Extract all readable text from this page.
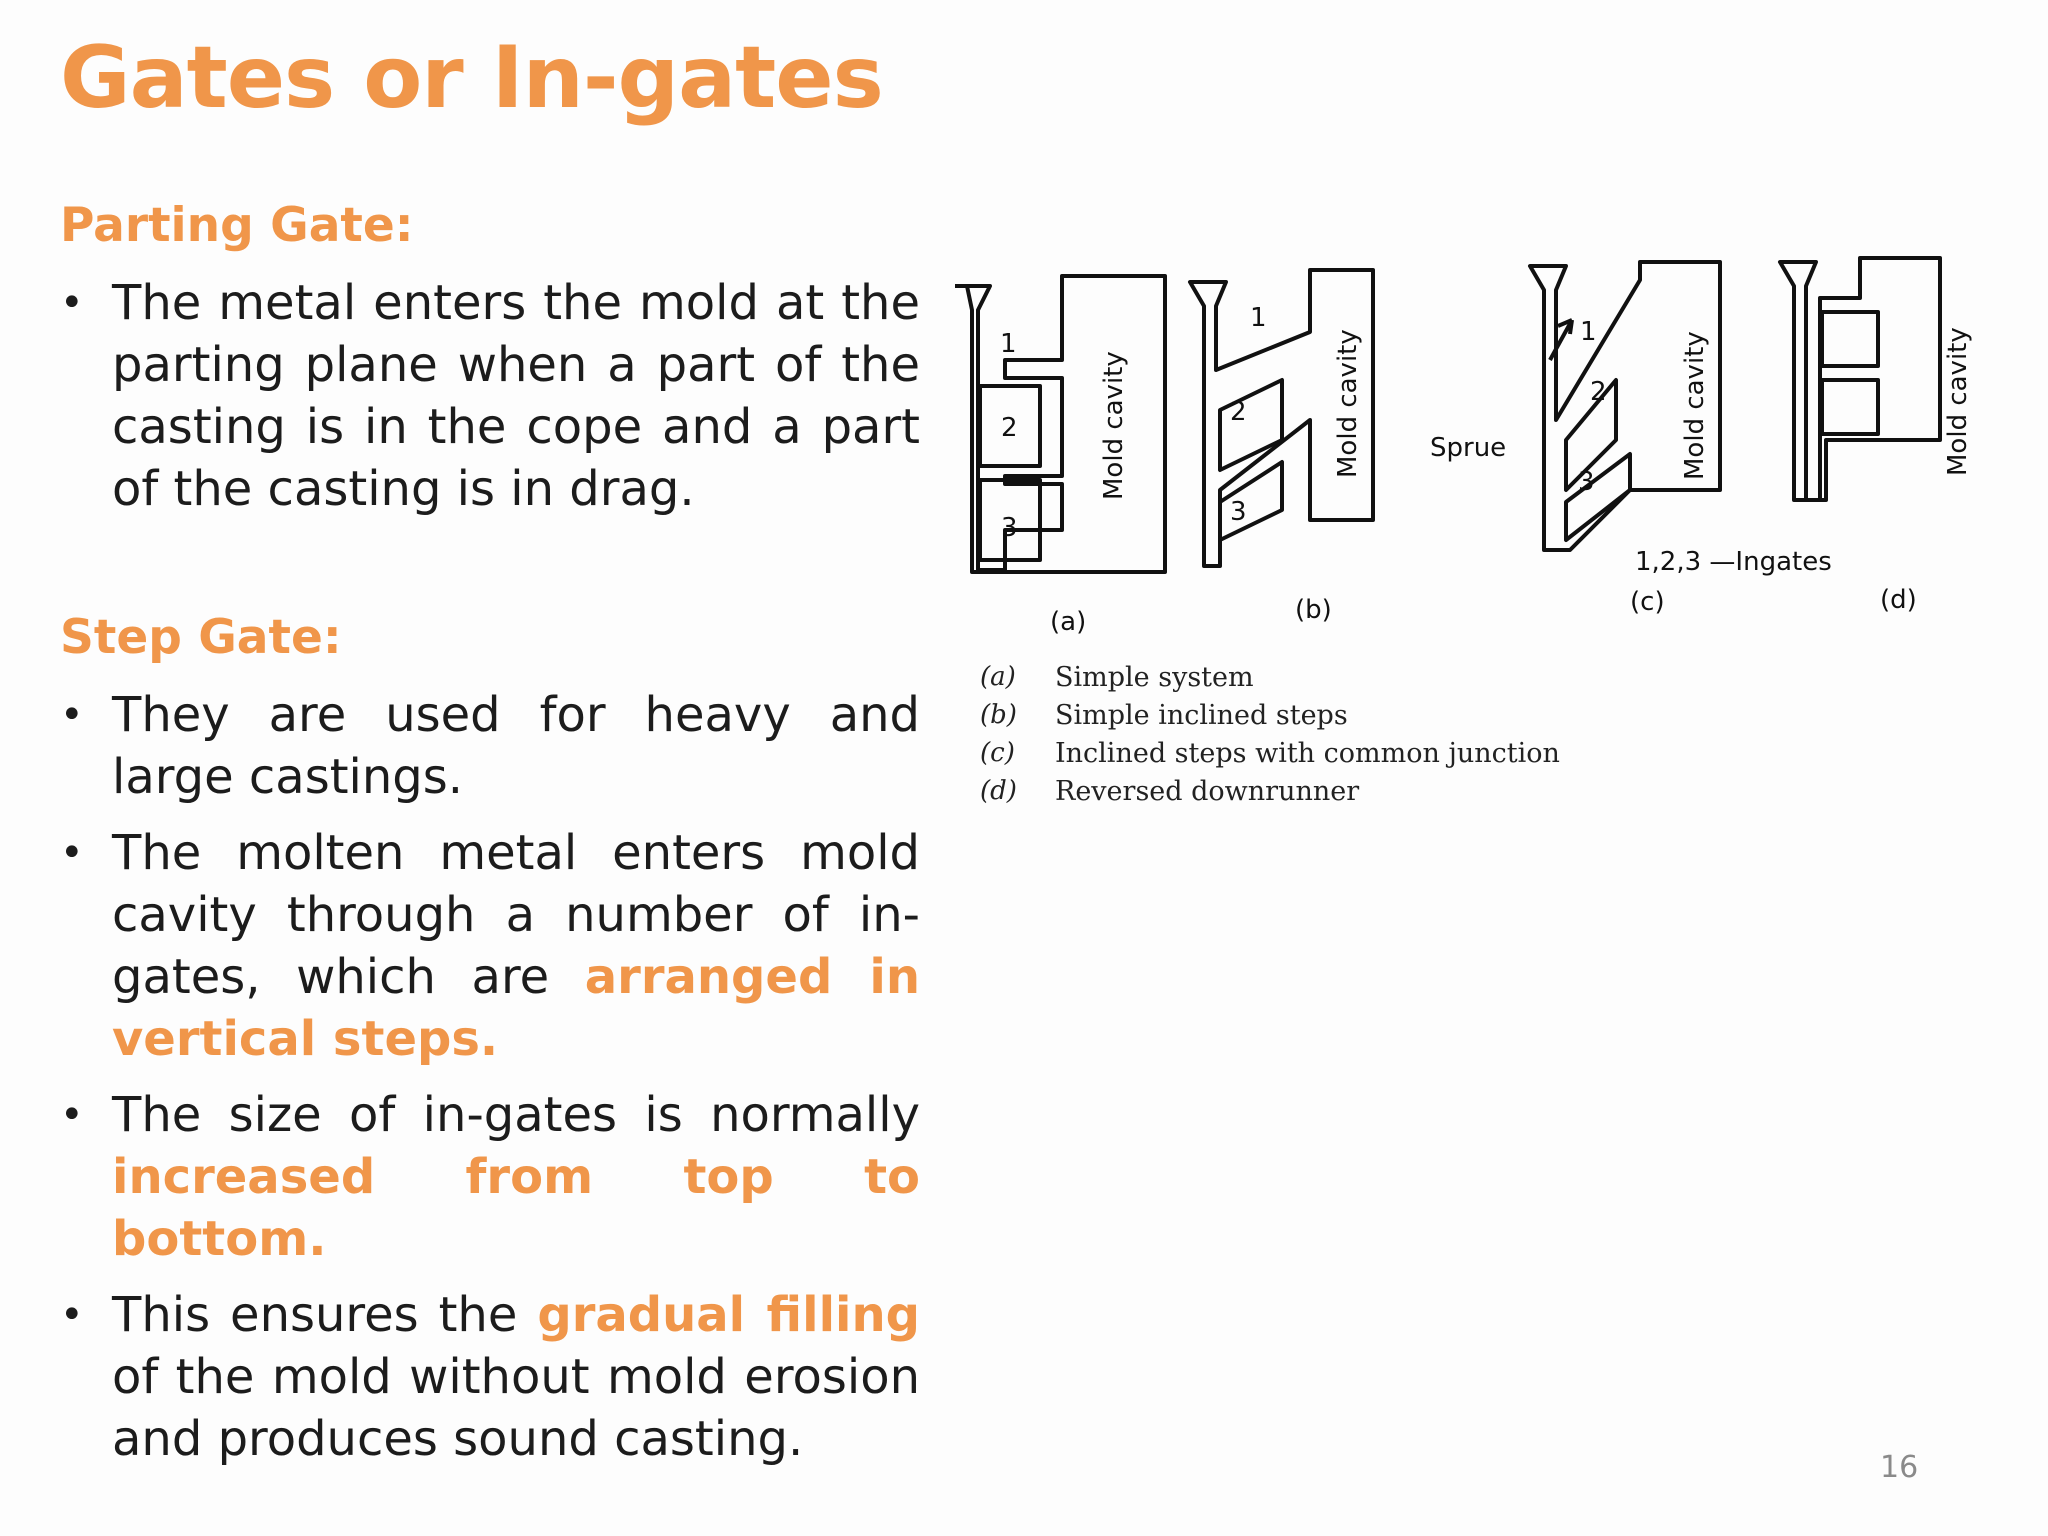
Gates or In-gates
Parting Gate:
• The metal enters the mold at the parting plane when a part of the casting is in the cope and a part of the casting is in drag.
Step Gate:
• They are used for heavy and large castings.
• The molten metal enters mold cavity through a number of in-gates, which are arranged in vertical steps.
• The size of in-gates is normally increased from top to bottom.
• This ensures the gradual filling of the mold without mold erosion and produces sound casting.
1
2
3
Mold cavity
1
2
3
Mold cavity	1
2
3
Mold cavity	Mold cavity
Sprue
1,2,3 —Ingates
(a)	(b)	(c)	(d)
(a)	Simple system
(b)	Simple inclined steps
(c)	Inclined steps with common junction
(d)	Reversed downrunner
16
